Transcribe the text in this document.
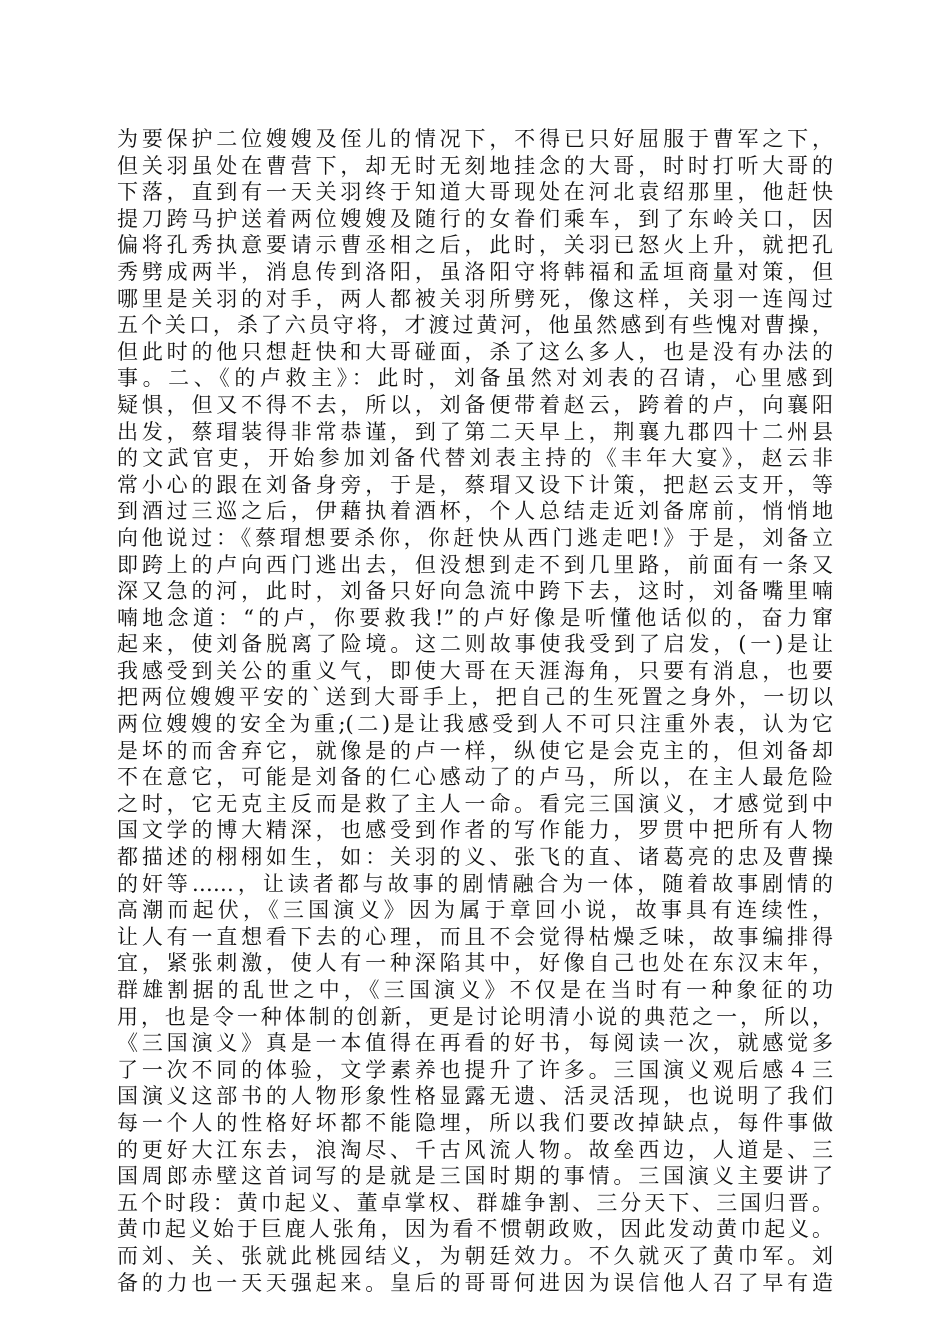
为要保护二位嫂嫂及侄儿的情况下，不得已只好屈服于曹军之下，
但关羽虽处在曹营下，却无时无刻地挂念的大哥，时时打听大哥的
下落，直到有一天关羽终于知道大哥现处在河北袁绍那里，他赶快
提刀跨马护送着两位嫂嫂及随行的女眷们乘车，到了东岭关口，因
偏将孔秀执意要请示曹丞相之后，此时，关羽已怒火上升，就把孔
秀劈成两半，消息传到洛阳，虽洛阳守将韩福和孟垣商量对策，但
哪里是关羽的对手，两人都被关羽所劈死，像这样，关羽一连闯过
五个关口，杀了六员守将，才渡过黄河，他虽然感到有些愧对曹操，
但此时的他只想赶快和大哥碰面，杀了这么多人，也是没有办法的
事。二、《的卢救主》：此时，刘备虽然对刘表的召请，心里感到
疑惧，但又不得不去，所以，刘备便带着赵云，跨着的卢，向襄阳
出发，蔡瑁装得非常恭谨，到了第二天早上，荆襄九郡四十二州县
的文武官吏，开始参加刘备代替刘表主持的《丰年大宴》，赵云非
常小心的跟在刘备身旁，于是，蔡瑁又设下计策，把赵云支开，等
到酒过三巡之后，伊藉执着酒杯，个人总结走近刘备席前，悄悄地
向他说过：《蔡瑁想要杀你，你赶快从西门逃走吧!》于是，刘备立
即跨上的卢向西门逃出去，但没想到走不到几里路，前面有一条又
深又急的河，此时，刘备只好向急流中跨下去，这时，刘备嘴里喃
喃地念道：“的卢，你要救我!”的卢好像是听懂他话似的，奋力窜
起来，使刘备脱离了险境。这二则故事使我受到了启发，(一)是让
我感受到关公的重义气，即使大哥在天涯海角，只要有消息，也要
把两位嫂嫂平安的`送到大哥手上，把自己的生死置之身外，一切以
两位嫂嫂的安全为重;(二)是让我感受到人不可只注重外表，认为它
是坏的而舍弃它，就像是的卢一样，纵使它是会克主的，但刘备却
不在意它，可能是刘备的仁心感动了的卢马，所以，在主人最危险
之时，它无克主反而是救了主人一命。看完三国演义，才感觉到中
国文学的博大精深，也感受到作者的写作能力，罗贯中把所有人物
都描述的栩栩如生，如：关羽的义、张飞的直、诸葛亮的忠及曹操
的奸等……，让读者都与故事的剧情融合为一体，随着故事剧情的
高潮而起伏，《三国演义》因为属于章回小说，故事具有连续性，
让人有一直想看下去的心理，而且不会觉得枯燥乏味，故事编排得
宜，紧张刺激，使人有一种深陷其中，好像自己也处在东汉末年，
群雄割据的乱世之中，《三国演义》不仅是在当时有一种象征的功
用，也是令一种体制的创新，更是讨论明清小说的典范之一，所以，
《三国演义》真是一本值得在再看的好书，每阅读一次，就感觉多
了一次不同的体验，文学素养也提升了许多。三国演义观后感４三
国演义这部书的人物形象性格显露无遗、活灵活现，也说明了我们
每一个人的性格好坏都不能隐埋，所以我们要改掉缺点，每件事做
的更好大江东去，浪淘尽、千古风流人物。故垒西边，人道是、三
国周郎赤壁这首词写的是就是三国时期的事情。三国演义主要讲了
五个时段：黄巾起义、董卓掌权、群雄争割、三分天下、三国归晋。
黄巾起义始于巨鹿人张角，因为看不惯朝政败，因此发动黄巾起义。
而刘、关、张就此桃园结义，为朝廷效力。不久就灭了黄巾军。刘
备的力也一天天强起来。皇后的哥哥何进因为误信他人召了早有造
